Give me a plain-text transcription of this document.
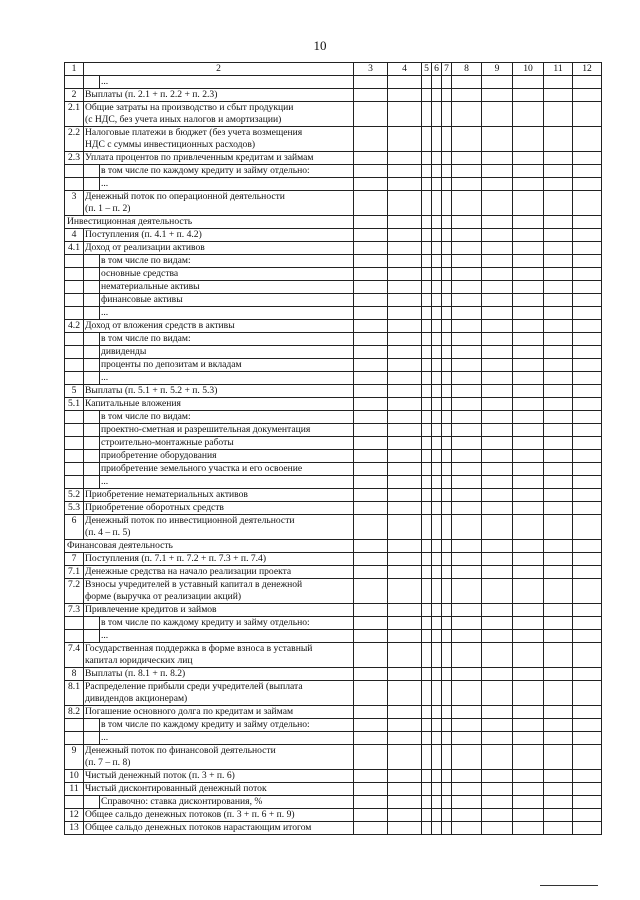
10
1	2		3	4	5	6	7	8	9	10	11	12
		...										
2	Выплаты (п. 2.1 + п. 2.2 + п. 2.3)											
2.1	Общие затраты на производство и сбыт продукции
(с НДС, без учета иных налогов и амортизации)											
2.2	Налоговые платежи в бюджет (без учета возмещения
НДС с суммы инвестиционных расходов)											
2.3	Уплата процентов по привлеченным кредитам и займам											
		в том числе по каждому кредиту и займу отдельно:										
		...										
3	Денежный поток по операционной деятельности
(п. 1 – п. 2)											
Инвестиционная деятельность												
4	Поступления (п. 4.1 + п. 4.2)											
4.1	Доход от реализации активов											
		в том числе по видам:										
		основные средства										
		нематериальные активы										
		финансовые активы										
		...										
4.2	Доход от вложения средств в активы											
		в том числе по видам:										
		дивиденды										
		проценты по депозитам и вкладам										
		...										
5	Выплаты (п. 5.1 + п. 5.2 + п. 5.3)											
5.1	Капитальные вложения											
		в том числе по видам:										
		проектно-сметная и разрешительная документация										
		строительно-монтажные работы										
		приобретение оборудования										
		приобретение земельного участка и его освоение										
		...										
5.2	Приобретение нематериальных активов											
5.3	Приобретение оборотных средств											
6	Денежный поток по инвестиционной деятельности
(п. 4 – п. 5)											
Финансовая деятельность												
7	Поступления (п. 7.1 + п. 7.2 + п. 7.3 + п. 7.4)											
7.1	Денежные средства на начало реализации проекта											
7.2	Взносы учредителей в уставный капитал в денежной
форме (выручка от реализации акций)											
7.3	Привлечение кредитов и займов											
		в том числе по каждому кредиту и займу отдельно:										
		...										
7.4	Государственная поддержка в форме взноса в уставный
капитал юридических лиц											
8	Выплаты (п. 8.1 + п. 8.2)											
8.1	Распределение прибыли среди учредителей (выплата
дивидендов акционерам)											
8.2	Погашение основного долга по кредитам и займам											
		в том числе по каждому кредиту и займу отдельно:										
		...										
9	Денежный поток по финансовой деятельности
(п. 7 – п. 8)											
10	Чистый денежный поток (п. 3 + п. 6)											
11	Чистый дисконтированный денежный поток											
		Справочно: ставка дисконтирования, %										
12	Общее сальдо денежных потоков (п. 3 + п. 6 + п. 9)											
13	Общее сальдо денежных потоков нарастающим итогом											
